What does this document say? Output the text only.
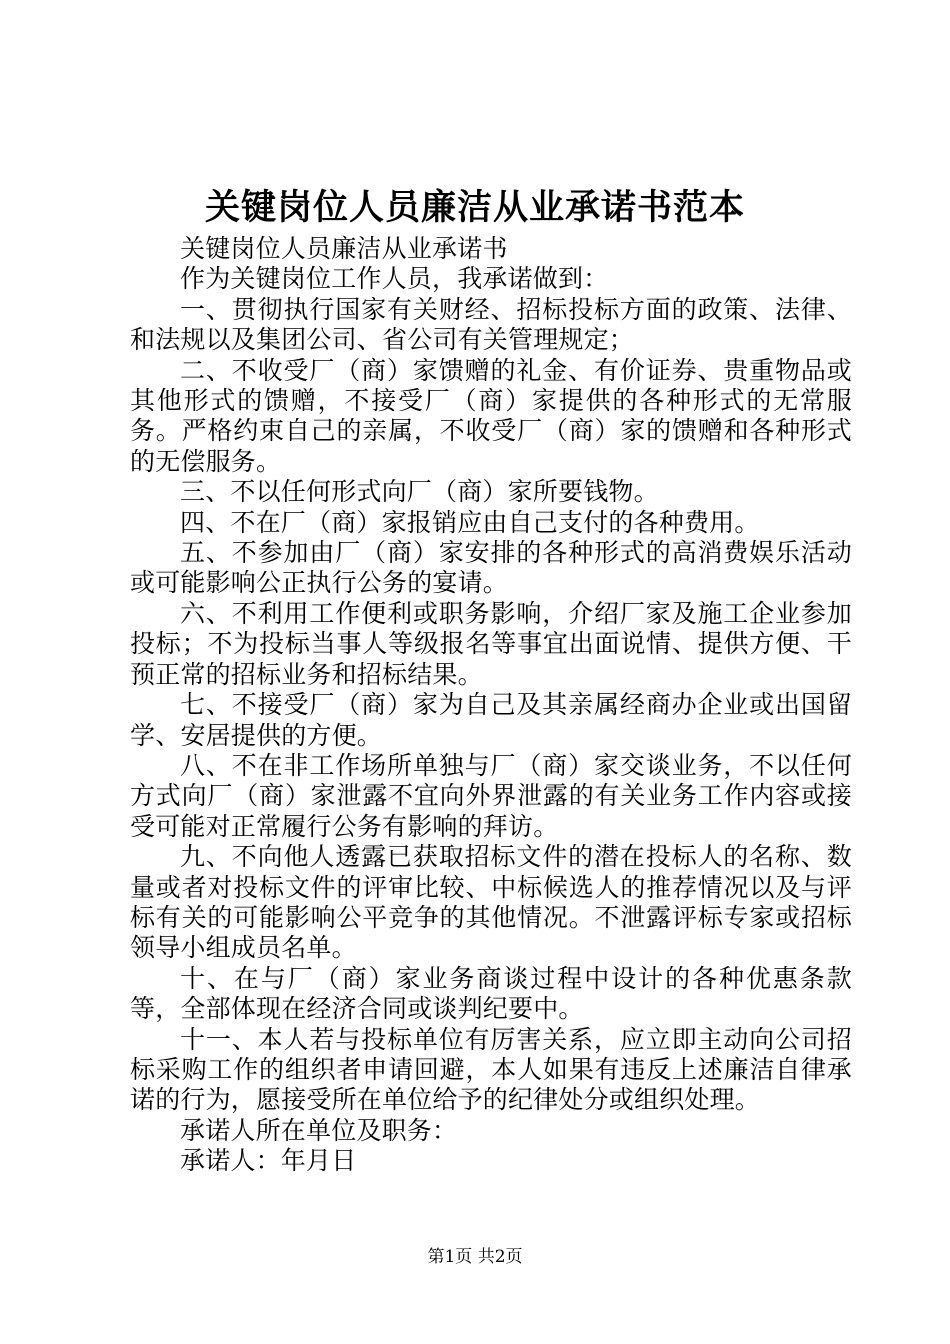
关键岗位人员廉洁从业承诺书范本

关键岗位人员廉洁从业承诺书

作为关键岗位工作人员，我承诺做到：

一、贯彻执行国家有关财经、招标投标方面的政策、法律、和法规以及集团公司、省公司有关管理规定；

二、不收受厂（商）家馈赠的礼金、有价证券、贵重物品或其他形式的馈赠，不接受厂（商）家提供的各种形式的无常服务。严格约束自己的亲属，不收受厂（商）家的馈赠和各种形式的无偿服务。

三、不以任何形式向厂（商）家所要钱物。

四、不在厂（商）家报销应由自己支付的各种费用。

五、不参加由厂（商）家安排的各种形式的高消费娱乐活动或可能影响公正执行公务的宴请。

六、不利用工作便利或职务影响，介绍厂家及施工企业参加投标；不为投标当事人等级报名等事宜出面说情、提供方便、干预正常的招标业务和招标结果。

七、不接受厂（商）家为自己及其亲属经商办企业或出国留学、安居提供的方便。

八、不在非工作场所单独与厂（商）家交谈业务，不以任何方式向厂（商）家泄露不宜向外界泄露的有关业务工作内容或接受可能对正常履行公务有影响的拜访。

九、不向他人透露已获取招标文件的潜在投标人的名称、数量或者对投标文件的评审比较、中标候选人的推荐情况以及与评标有关的可能影响公平竞争的其他情况。不泄露评标专家或招标领导小组成员名单。

十、在与厂（商）家业务商谈过程中设计的各种优惠条款等，全部体现在经济合同或谈判纪要中。

十一、本人若与投标单位有厉害关系，应立即主动向公司招标采购工作的组织者申请回避，本人如果有违反上述廉洁自律承诺的行为，愿接受所在单位给予的纪律处分或组织处理。

承诺人所在单位及职务：

承诺人：年月日

第1页 共2页
